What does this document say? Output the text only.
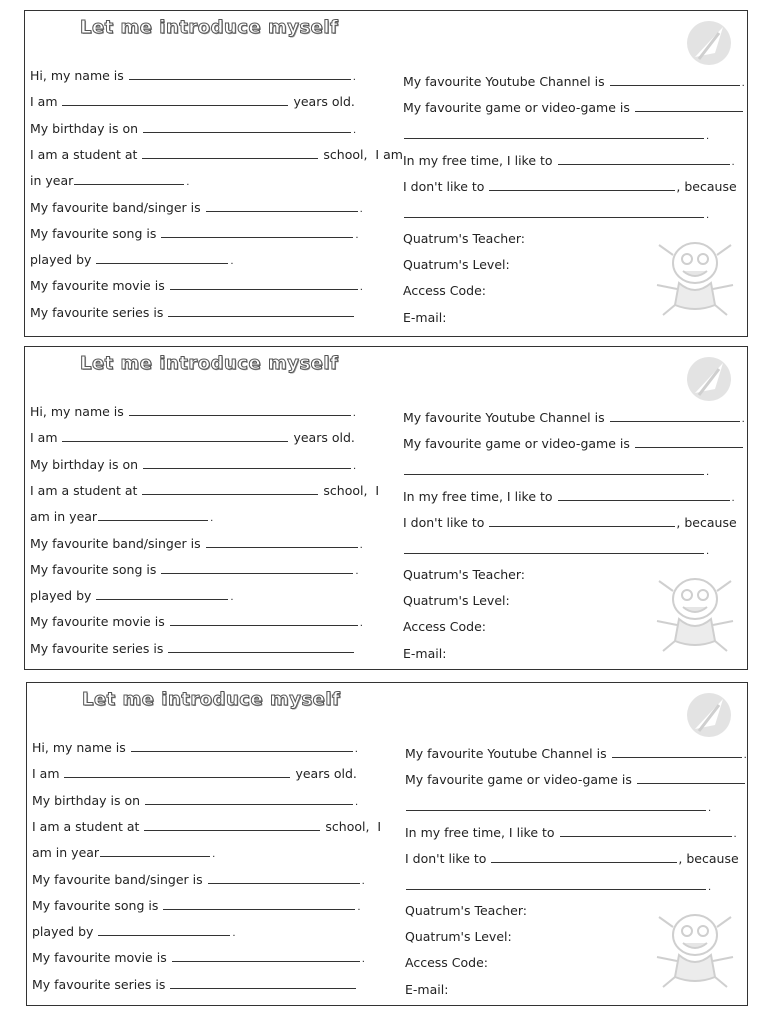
Let me introduce myself
Hi, my name is	.
I am	years old.
My birthday is on	.
I am a student at	school, I am
in year	.
My favourite band/singer is	.
My favourite song is	.
played by	.
My favourite movie is	.
My favourite series is
My favourite Youtube Channel is	.
My favourite game or video-game is
.
In my free time, I like to	.
I don't like to	, because
.
Quatrum's Teacher:
Quatrum's Level:
Access Code:
E-mail:
Let me introduce myself
Hi, my name is	.
I am	years old.
My birthday is on	.
I am a student at	school,  I
am in year	.
My favourite band/singer is	.
My favourite song is	.
played by	.
My favourite movie is	.
My favourite series is
My favourite Youtube Channel is	.
My favourite game or video-game is
.
In my free time, I like to	.
I don't like to	, because
.
Quatrum's Teacher:
Quatrum's Level:
Access Code:
E-mail:
Let me introduce myself
Hi, my name is	.
I am	years old.
My birthday is on	.
I am a student at	school,  I
am in year	.
My favourite band/singer is	.
My favourite song is	.
played by	.
My favourite movie is	.
My favourite series is
My favourite Youtube Channel is	.
My favourite game or video-game is
.
In my free time, I like to	.
I don't like to	, because
.
Quatrum's Teacher:
Quatrum's Level:
Access Code:
E-mail:
